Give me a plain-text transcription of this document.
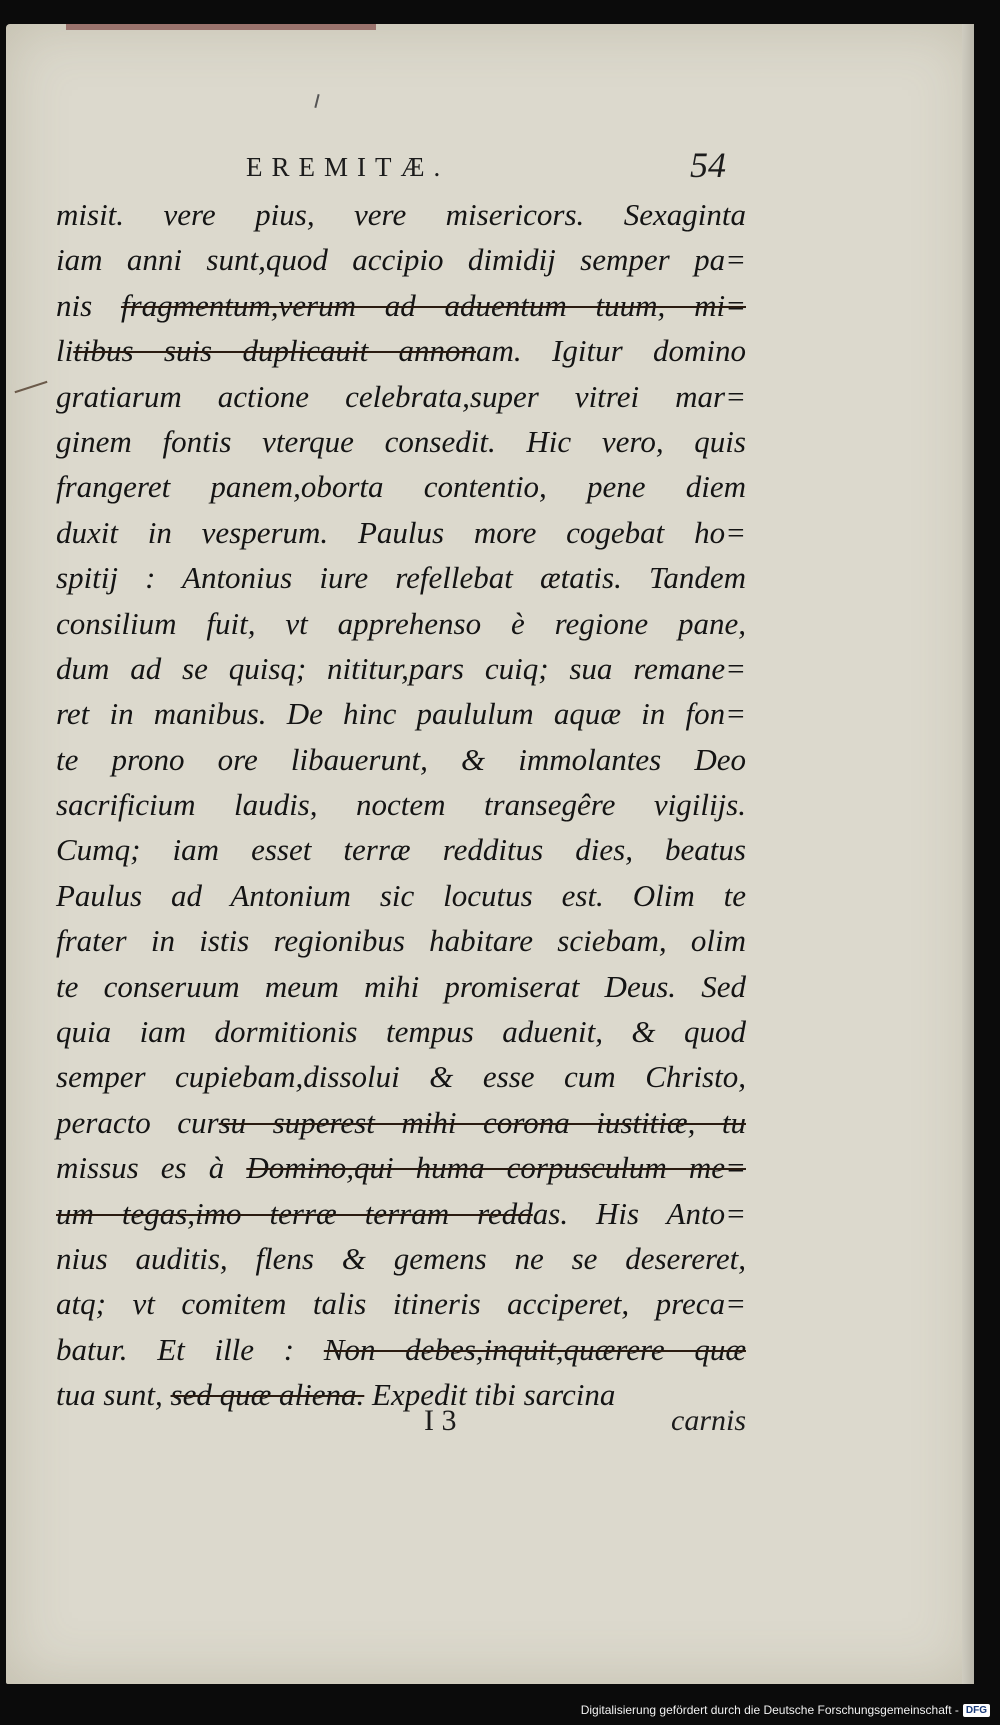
EREMITÆ.	54
misit. vere pius, vere misericors. Sexaginta
iam anni sunt,quod accipio dimidij semper pa=
nis fragmentum,verum ad aduentum tuum, mi=
litibus suis duplicauit annonam. Igitur domino
gratiarum actione celebrata,super vitrei mar=
ginem fontis vterque consedit. Hic vero, quis
frangeret panem,oborta contentio, pene diem
duxit in vesperum. Paulus more cogebat ho=
spitij : Antonius iure refellebat ætatis. Tandem
consilium fuit, vt apprehenso è regione pane,
dum ad se quisq; nititur,pars cuiq; sua remane=
ret in manibus. De hinc paululum aquæ in fon=
te prono ore libauerunt, & immolantes Deo
sacrificium laudis, noctem transegêre vigilijs.
Cumq; iam esset terræ redditus dies, beatus
Paulus ad Antonium sic locutus est. Olim te
frater in istis regionibus habitare sciebam, olim
te conseruum meum mihi promiserat Deus. Sed
quia iam dormitionis tempus aduenit, & quod
semper cupiebam,dissolui & esse cum Christo,
peracto cursu superest mihi corona iustitiæ, tu
missus es à Domino,qui huma corpusculum me=
um tegas,imo terræ terram reddas. His Anto=
nius auditis, flens & gemens ne se desereret,
atq; vt comitem talis itineris acciperet, preca=
batur. Et ille : Non debes,inquit,quærere quæ
tua sunt, sed quæ aliena. Expedit tibi sarcina
I 3	carnis
Digitalisierung gefördert durch die Deutsche Forschungsgemeinschaft - DFG
